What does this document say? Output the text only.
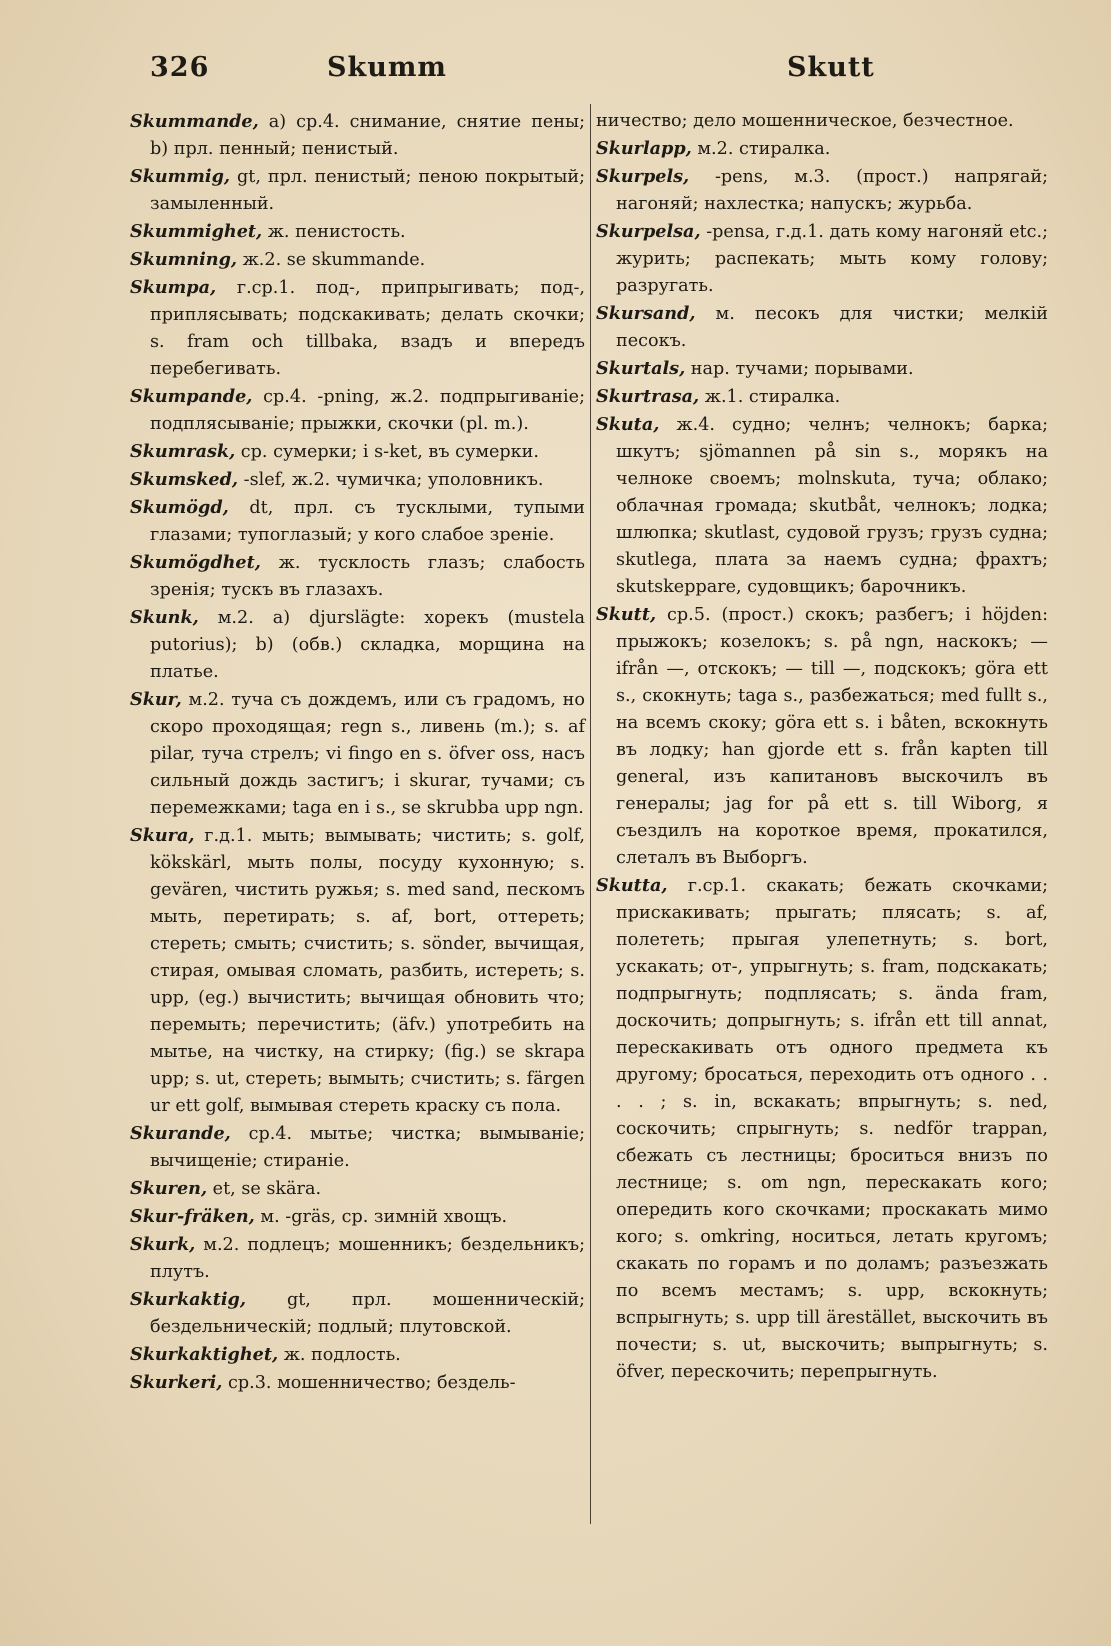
326	Skumm	Skutt
Skummande, a) ср.4. снимание, снятие пены; b) прл. пенный; пенистый.
Skummig, gt, прл. пенистый; пеною покрытый; замыленный.
Skummighet, ж. пенистость.
Skumning, ж.2. se skummande.
Skumpa, г.ср.1. под-, припрыгивать; под-, приплясывать; подскакивать; делать скочки; s. fram och tillbaka, взадъ и впередъ перебегивать.
Skumpande, ср.4. -pning, ж.2. подпрыгиваніе; подплясываніе; прыжки, скочки (pl. m.).
Skumrask, ср. сумерки; i s-ket, въ сумерки.
Skumsked, -slef, ж.2. чумичка; уполовникъ.
Skumögd, dt, прл. съ тусклыми, тупыми глазами; тупоглазый; у кого слабое зреніе.
Skumögdhet, ж. тусклость глазъ; слабость зренія; тускъ въ глазахъ.
Skunk, м.2. a) djurslägte: хорекъ (mustela putorius); b) (обв.) складка, морщина на платье.
Skur, м.2. туча съ дождемъ, или съ градомъ, но скоро проходящая; regn s., ливень (m.); s. af pilar, туча стрелъ; vi fingo en s. öfver oss, насъ сильный дождь застигъ; i skurar, тучами; съ перемежками; taga en i s., se skrubba upp ngn.
Skura, г.д.1. мыть; вымывать; чистить; s. golf, kökskärl, мыть полы, посуду кухонную; s. gevären, чистить ружья; s. med sand, пескомъ мыть, перетирать; s. af, bort, оттереть; стереть; смыть; счистить; s. sönder, вычищая, стирая, омывая сломать, разбить, истереть; s. upp, (eg.) вычистить; вычищая обновить что; перемыть; перечистить; (äfv.) употребить на мытье, на чистку, на стирку; (fig.) se skrapa upp; s. ut, стереть; вымыть; счистить; s. färgen ur ett golf, вымывая стереть краску съ пола.
Skurande, ср.4. мытье; чистка; вымываніе; вычищеніе; стираніе.
Skuren, et, se skära.
Skur-fräken, м. -gräs, ср. зимній хвощъ.
Skurk, м.2. подлецъ; мошенникъ; бездельникъ; плутъ.
Skurkaktig, gt, прл. мошенническій; бездельническій; подлый; плутовской.
Skurkaktighet, ж. подлость.
Skurkeri, ср.3. мошенничество; бездель-
ничество; дело мошенническое, безчестное.
Skurlapp, м.2. стиралка.
Skurpels, -pens, м.3. (прост.) напрягай; нагоняй; нахлестка; напускъ; журьба.
Skurpelsa, -pensa, г.д.1. дать кому нагоняй etc.; журить; распекать; мыть кому голову; разругать.
Skursand, м. песокъ для чистки; мелкій песокъ.
Skurtals, нар. тучами; порывами.
Skurtrasa, ж.1. стиралка.
Skuta, ж.4. судно; челнъ; челнокъ; барка; шкутъ; sjömannen på sin s., морякъ на челноке своемъ; molnskuta, туча; облако; облачная громада; skutbåt, челнокъ; лодка; шлюпка; skutlast, судовой грузъ; грузъ судна; skutlega, плата за наемъ судна; фрахтъ; skutskepparе, судовщикъ; барочникъ.
Skutt, ср.5. (прост.) скокъ; разбегъ; i höjden: прыжокъ; козелокъ; s. på ngn, наскокъ; — ifrån —, отскокъ; — till —, подскокъ; göra ett s., скокнуть; taga s., разбежаться; med fullt s., на всемъ скоку; göra ett s. i båten, вскокнуть въ лодку; han gjorde ett s. från kapten till general, изъ капитановъ выскочилъ въ генералы; jag for på ett s. till Wiborg, я съездилъ на короткое время, прокатился, слеталъ въ Выборгъ.
Skutta, г.ср.1. скакать; бежать скочками; прискакивать; прыгать; плясать; s. af, полететь; прыгая улепетнуть; s. bort, ускакать; от-, упрыгнуть; s. fram, подскакать; подпрыгнуть; подплясать; s. ända fram, доскочить; допрыгнуть; s. ifrån ett till annat, перескакивать отъ одного предмета къ другому; бросаться, переходить отъ одного . . . . ; s. in, вскакать; впрыгнуть; s. ned, соскочить; спрыгнуть; s. nedför trappan, сбежать съ лестницы; броситься внизъ по лестнице; s. om ngn, перескакать кого; опередить кого скочками; проскакать мимо кого; s. omkring, носиться, летать кругомъ; скакать по горамъ и по доламъ; разъезжать по всемъ местамъ; s. upp, вскокнуть; вспрыгнуть; s. upp till ärestället, выскочить въ почести; s. ut, выскочить; выпрыгнуть; s. öfver, перескочить; перепрыгнуть.
